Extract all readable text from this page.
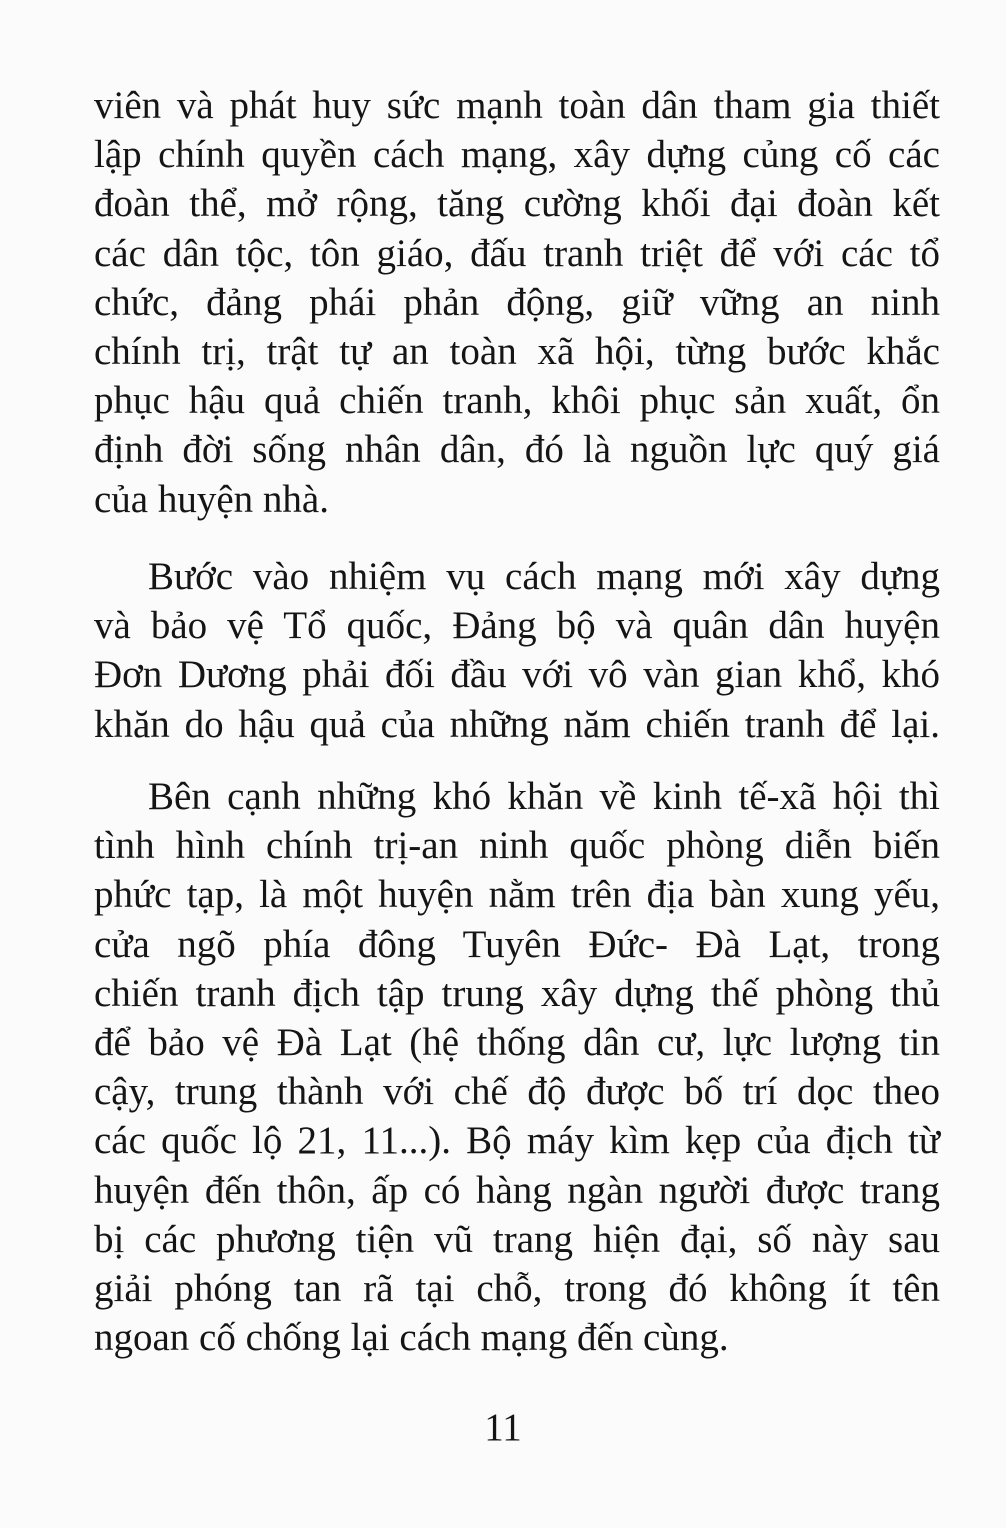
viên và phát huy sức mạnh toàn dân tham gia thiết
lập chính quyền cách mạng, xây dựng củng cố các
đoàn thể, mở rộng, tăng cường khối đại đoàn kết
các dân tộc, tôn giáo, đấu tranh triệt để với các tổ
chức, đảng phái phản động, giữ vững an ninh
chính trị, trật tự an toàn xã hội, từng bước khắc
phục hậu quả chiến tranh, khôi phục sản xuất, ổn
định đời sống nhân dân, đó là nguồn lực quý giá
của huyện nhà.
Bước vào nhiệm vụ cách mạng mới xây dựng
và bảo vệ Tổ quốc, Đảng bộ và quân dân huyện
Đơn Dương phải đối đầu với vô vàn gian khổ, khó
khăn do hậu quả của những năm chiến tranh để lại.
Bên cạnh những khó khăn về kinh tế-xã hội thì
tình hình chính trị-an ninh quốc phòng diễn biến
phức tạp, là một huyện nằm trên địa bàn xung yếu,
cửa ngõ phía đông Tuyên Đức- Đà Lạt, trong
chiến tranh địch tập trung xây dựng thế phòng thủ
để bảo vệ Đà Lạt (hệ thống dân cư, lực lượng tin
cậy, trung thành với chế độ được bố trí dọc theo
các quốc lộ 21, 11...). Bộ máy kìm kẹp của địch từ
huyện đến thôn, ấp có hàng ngàn người được trang
bị các phương tiện vũ trang hiện đại, số này sau
giải phóng tan rã tại chỗ, trong đó không ít tên
ngoan cố chống lại cách mạng đến cùng.
11
